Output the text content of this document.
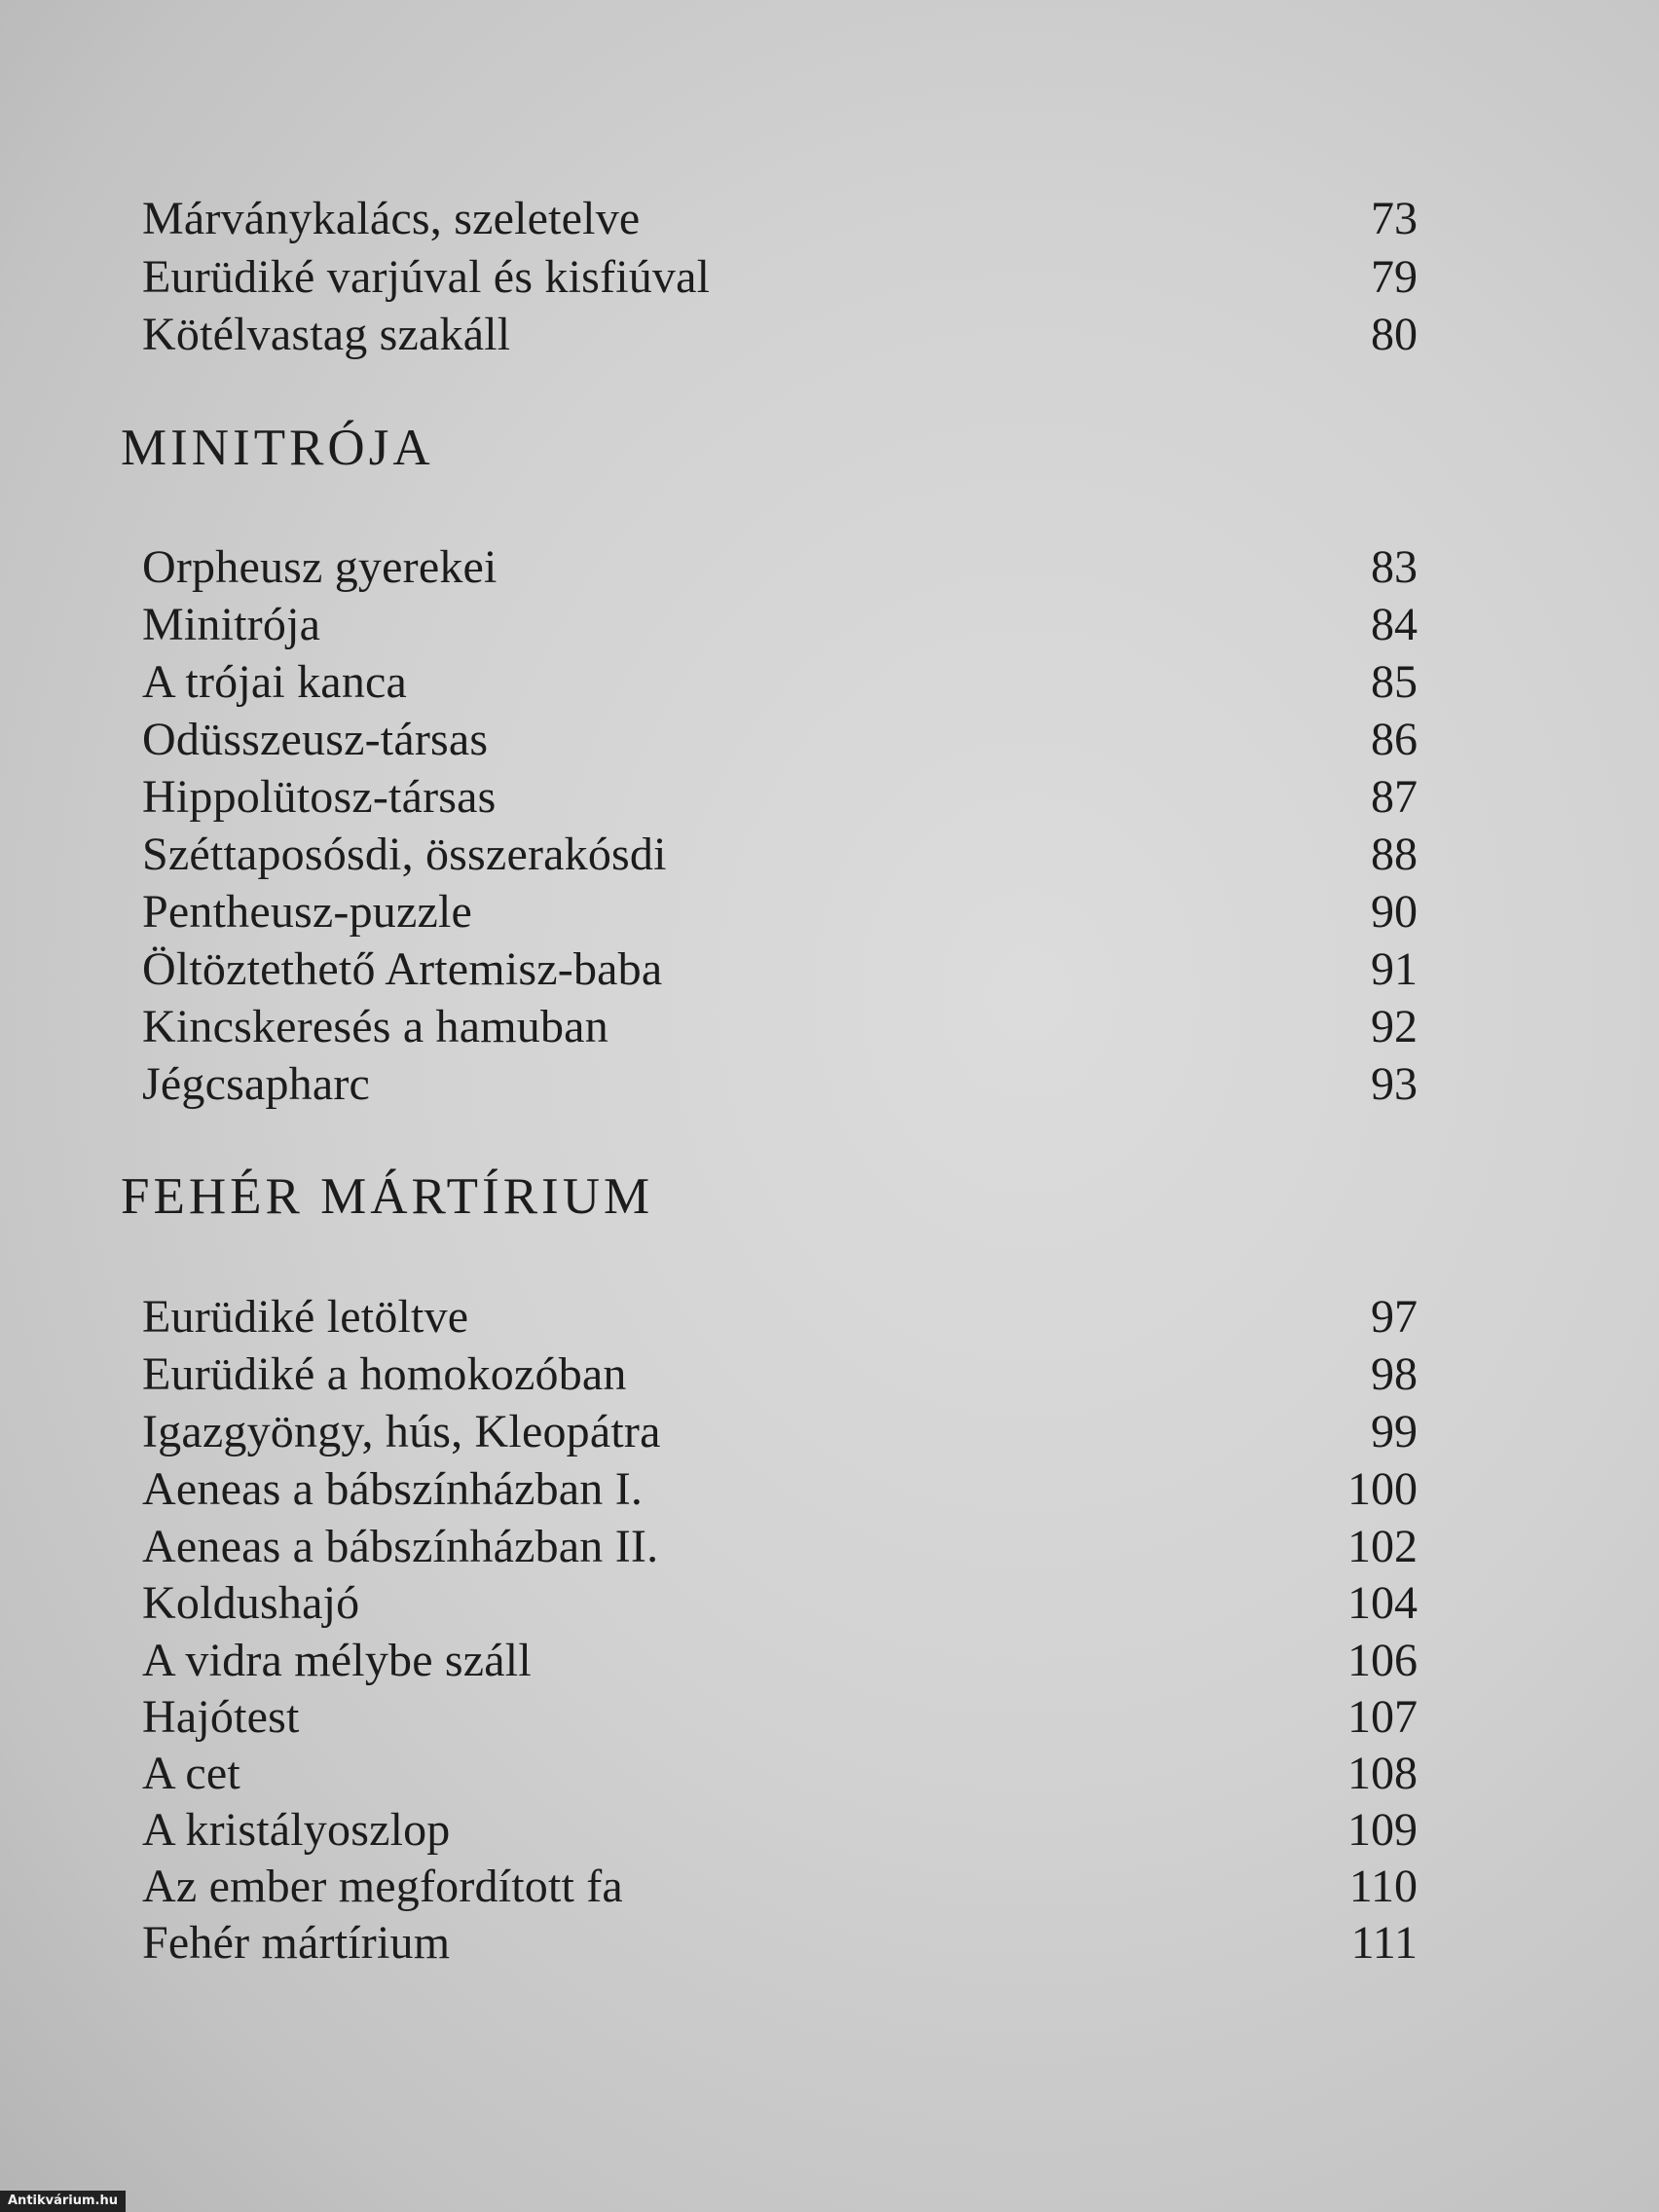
Márványkalács, szeletelve	73
Eurüdiké varjúval és kisfiúval	79
Kötélvastag szakáll	80
MINITRÓJA
Orpheusz gyerekei	83
Minitrója	84
A trójai kanca	85
Odüsszeusz-társas	86
Hippolütosz-társas	87
Széttaposósdi, összerakósdi	88
Pentheusz-puzzle	90
Öltöztethető Artemisz-baba	91
Kincskeresés a hamuban	92
Jégcsapharc	93
FEHÉR MÁRTÍRIUM
Eurüdiké letöltve	97
Eurüdiké a homokozóban	98
Igazgyöngy, hús, Kleopátra	99
Aeneas a bábszínházban I.	100
Aeneas a bábszínházban II.	102
Koldushajó	104
A vidra mélybe száll	106
Hajótest	107
A cet	108
A kristályoszlop	109
Az ember megfordított fa	110
Fehér mártírium	111
Antikvárium.hu
